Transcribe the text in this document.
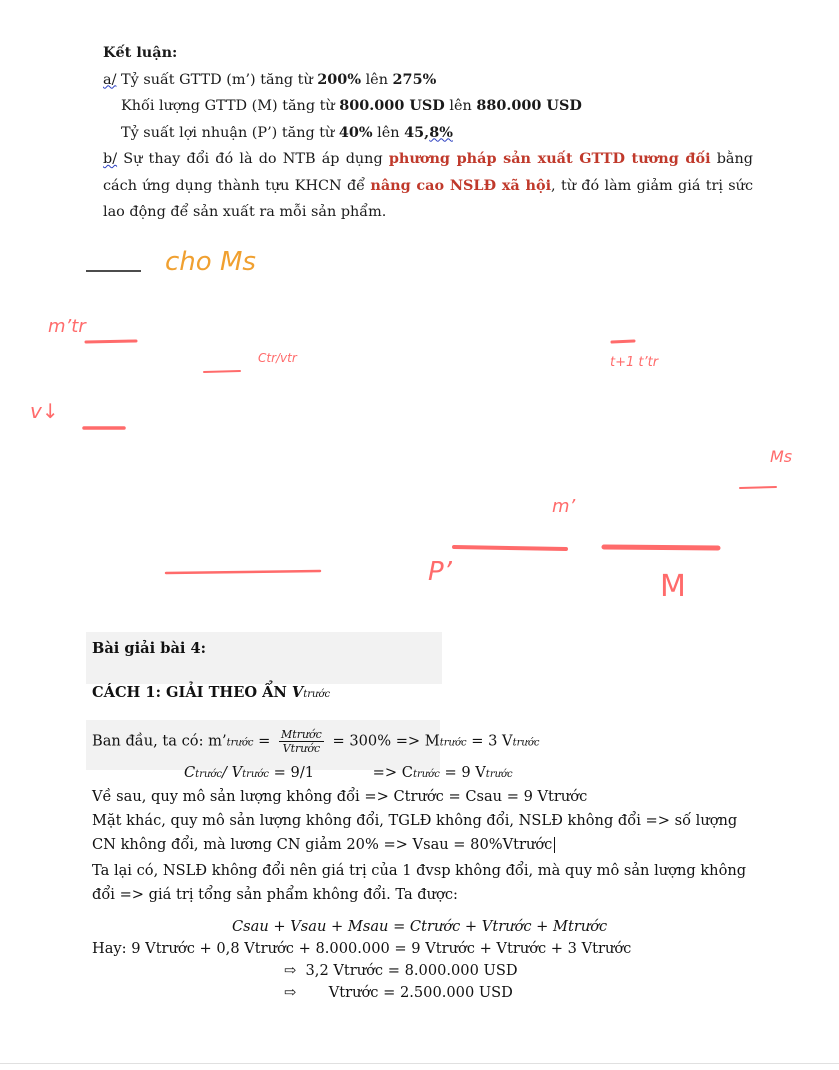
Kết luận:
a/ Tỷ suất GTTD (m’) tăng từ 200% lên 275%
Khối lượng GTTD (M) tăng từ 800.000 USD lên 880.000 USD
Tỷ suất lợi nhuận (P’) tăng từ 40% lên 45,8%
b/ Sự thay đổi đó là do NTB áp dụng phương pháp sản xuất GTTD tương đối bằng cách ứng dụng thành tựu KHCN để nâng cao NSLĐ xã hội, từ đó làm giảm giá trị sức lao động để sản xuất ra mỗi sản phẩm.
cho Ms
m’tr
Ctr/vtr
v↓
t+1 t’tr
Ms
m’
P’	M
Bài giải bài 4:
CÁCH 1: GIẢI THEO ẨN Vtrước
Ban đầu, ta có: m’trước = $\frac{\text{Mtrước}}{\text{Vtrước}} = 300\%$ => Mtrước = 3 Vtrước
Ctrước/ Vtrước = 9/1	=> Ctrước = 9 Vtrước
Về sau, quy mô sản lượng không đổi => Ctrước = Csau = 9 Vtrước
Mặt khác, quy mô sản lượng không đổi, TGLĐ không đổi, NSLĐ không đổi => số lượng
CN không đổi, mà lương CN giảm 20% => Vsau = 80%Vtrước
Ta lại có, NSLĐ không đổi nên giá trị của 1 đvsp không đổi, mà quy mô sản lượng không
đổi => giá trị tổng sản phẩm không đổi. Ta được:
Csau + Vsau + Msau = Ctrước + Vtrước + Mtrước
Hay: 9 Vtrước + 0,8 Vtrước + 8.000.000 = 9 Vtrước + Vtrước + 3 Vtrước
⇨ 3,2 Vtrước = 8.000.000 USD
⇨ Vtrước = 2.500.000 USD
